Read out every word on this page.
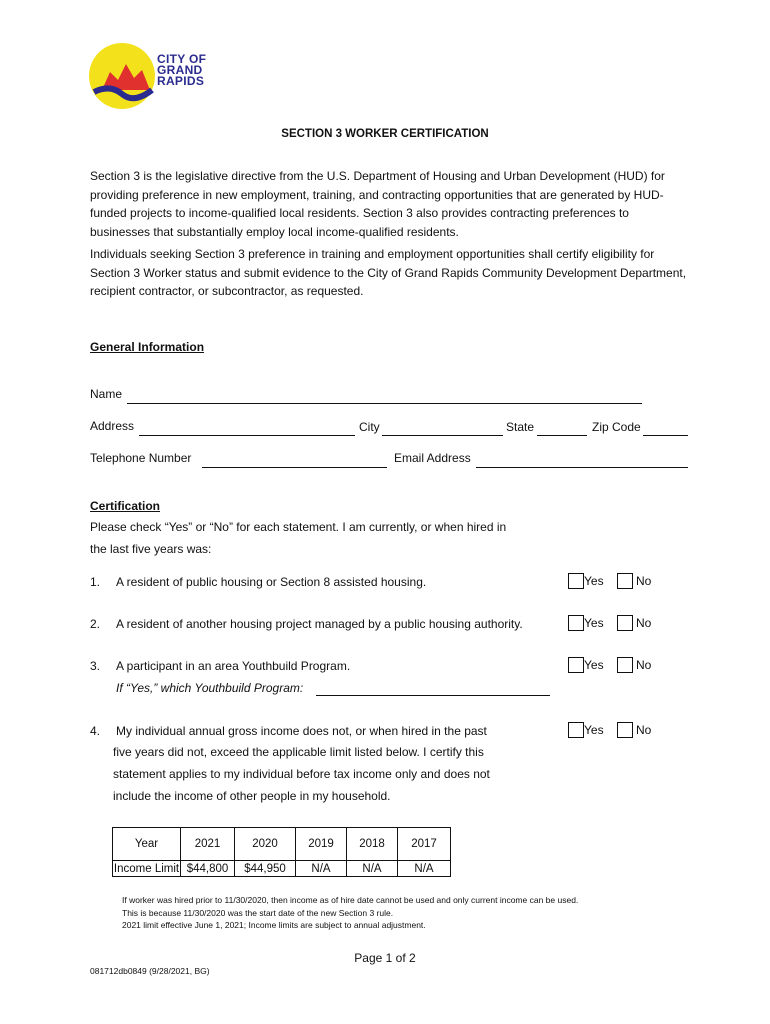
CITY OF
GRAND
RAPIDS
SECTION 3 WORKER CERTIFICATION
Section 3 is the legislative directive from the U.S. Department of Housing and Urban Development (HUD) for providing preference in new employment, training, and contracting opportunities that are generated by HUD-funded projects to income-qualified local residents. Section 3 also provides contracting preferences to businesses that substantially employ local income-qualified residents.
Individuals seeking Section 3 preference in training and employment opportunities shall certify eligibility for Section 3 Worker status and submit evidence to the City of Grand Rapids Community Development Department, recipient contractor, or subcontractor, as requested.
General Information
Name
Address	City	State	Zip Code
Telephone Number	Email Address
Certification
Please check “Yes” or “No” for each statement. I am currently, or when hired in
the last five years was:
1. A resident of public housing or Section 8 assisted housing.	Yes	No
2. A resident of another housing project managed by a public housing authority.	Yes	No
3. A participant in an area Youthbuild Program.
If “Yes,” which Youthbuild Program:
Yes	No
4. My individual annual gross income does not, or when hired in the past
five years did not, exceed the applicable limit listed below. I certify this
statement applies to my individual before tax income only and does not
include the income of other people in my household.
Yes	No
Year	2021	2020	2019	2018	2017
Income Limit	$44,800	$44,950	N/A	N/A	N/A
If worker was hired prior to 11/30/2020, then income as of hire date cannot be used and only current income can be used.
This is because 11/30/2020 was the start date of the new Section 3 rule.
2021 limit effective June 1, 2021; Income limits are subject to annual adjustment.
Page 1 of 2
081712db0849 (9/28/2021, BG)
